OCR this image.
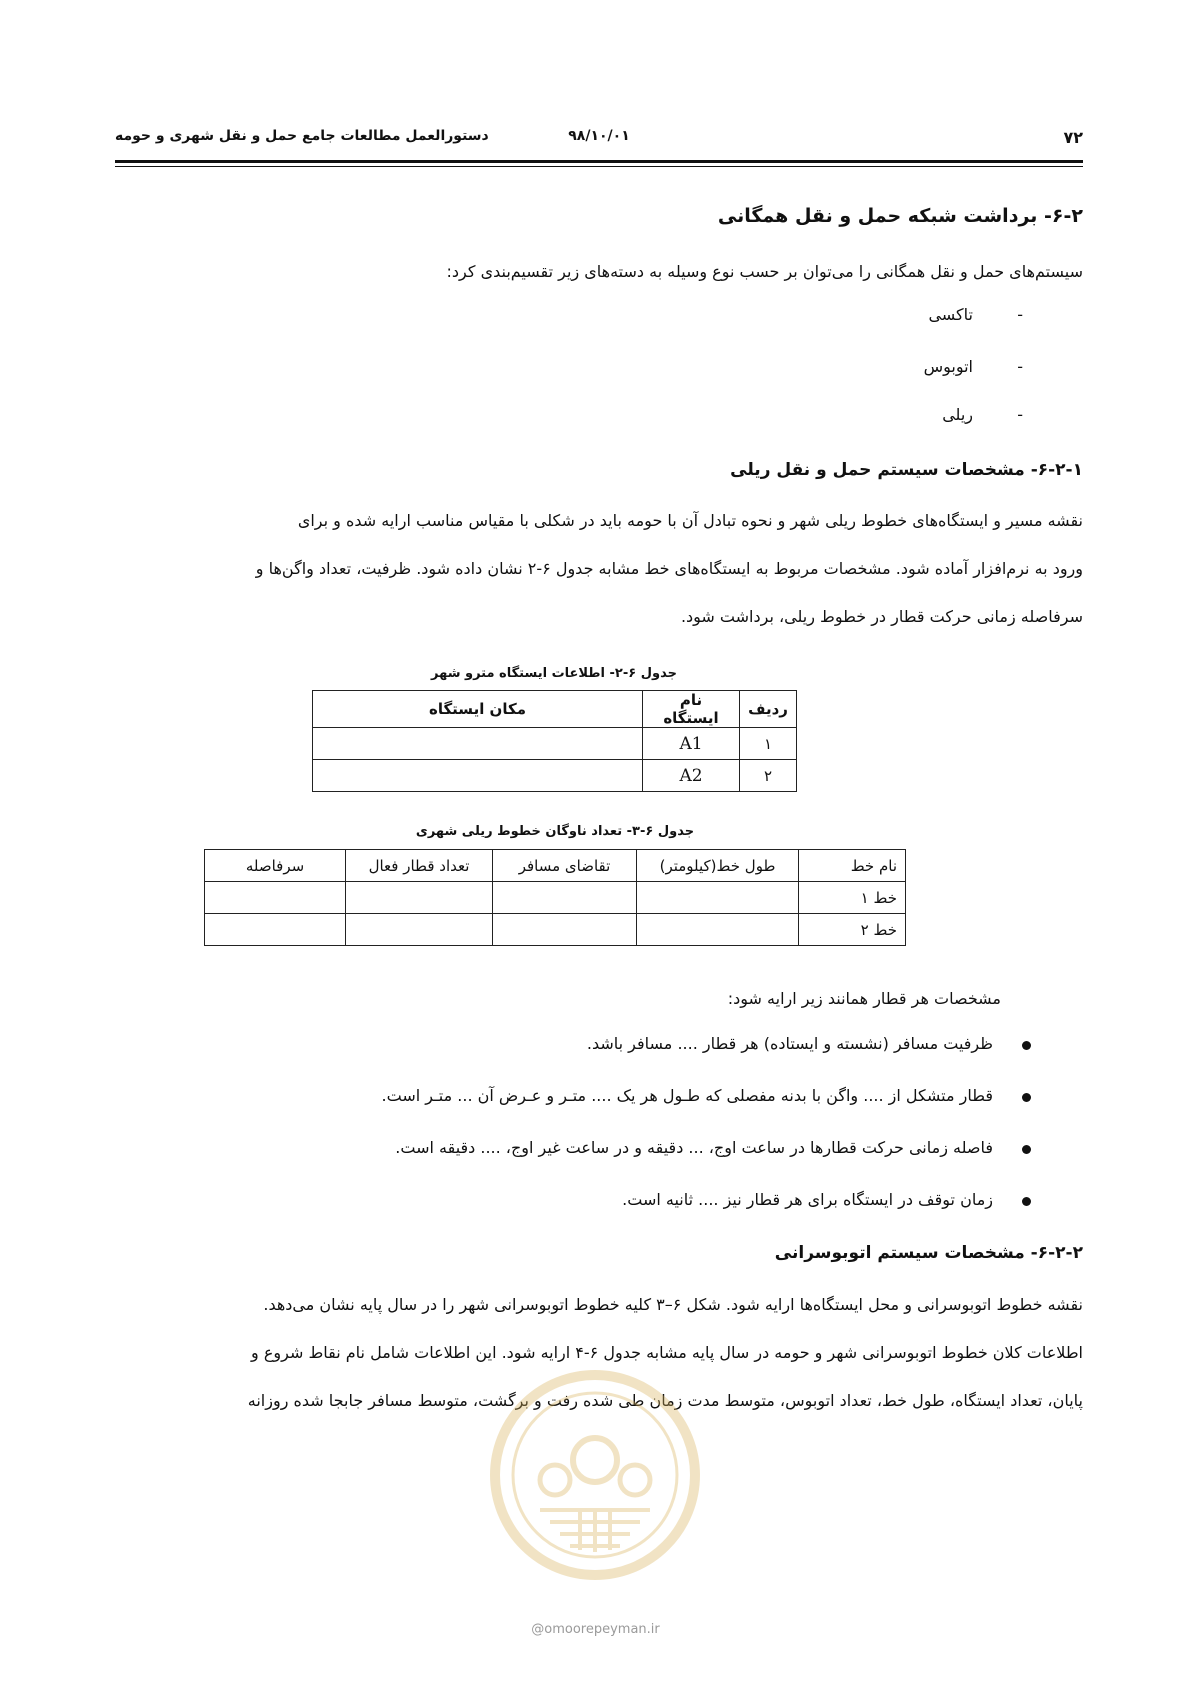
۷۲
۹۸/۱۰/۰۱
دستورالعمل مطالعات جامع حمل و نقل شهری و حومه
۶-۲- برداشت شبکه حمل و نقل همگانی
سیستم‌های حمل و نقل همگانی را می‌توان بر حسب نوع وسیله به دسته‌های زیر تقسیم‌بندی کرد:
-
تاکسی
-
اتوبوس
-
ریلی
۶-۲-۱- مشخصات سیستم حمل و نقل ریلی
نقشه مسیر و ایستگاه‌های خطوط ریلی شهر و نحوه تبادل آن با حومه باید در شکلی با مقیاس مناسب ارایه شده و برای
ورود به نرم‌افزار آماده شود. مشخصات مربوط به ایستگاه‌های خط مشابه جدول ۶-۲ نشان داده شود. ظرفیت، تعداد واگن‌ها و
سرفاصله زمانی حرکت قطار در خطوط ریلی، برداشت شود.
جدول ۶-۲- اطلاعات ایستگاه مترو شهر
ردیف	نام ایستگاه	مکان ایستگاه
۱	A1	
۲	A2	
جدول ۶-۳- تعداد ناوگان خطوط ریلی شهری
نام خط	طول خط(کیلومتر)	تقاضای مسافر	تعداد قطار فعال	سرفاصله
خط ۱				
خط ۲				
مشخصات هر قطار همانند زیر ارایه شود:
ظرفیت مسافر (نشسته و ایستاده) هر قطار .... مسافر باشد.
قطار متشکل از .... واگن با بدنه مفصلی که طـول هر یک .... متـر و عـرض آن ... متـر است.
فاصله زمانی حرکت قطارها در ساعت اوج، ... دقیقه و در ساعت غیر اوج، .... دقیقه است.
زمان توقف در ایستگاه برای هر قطار نیز .... ثانیه است.
۶-۲-۲- مشخصات سیستم اتوبوسرانی
نقشه خطوط اتوبوسرانی و محل ایستگاه‌ها ارایه شود. شکل ۶–۳ کلیه خطوط اتوبوسرانی شهر را در سال پایه نشان می‌دهد.
اطلاعات کلان خطوط اتوبوسرانی شهر و حومه در سال پایه مشابه جدول ۶-۴ ارایه شود. این اطلاعات شامل نام نقاط شروع و
پایان، تعداد ایستگاه، طول خط، تعداد اتوبوس، متوسط مدت زمان طی شده رفت و برگشت، متوسط مسافر جابجا شده روزانه
@omoorepeyman.ir
